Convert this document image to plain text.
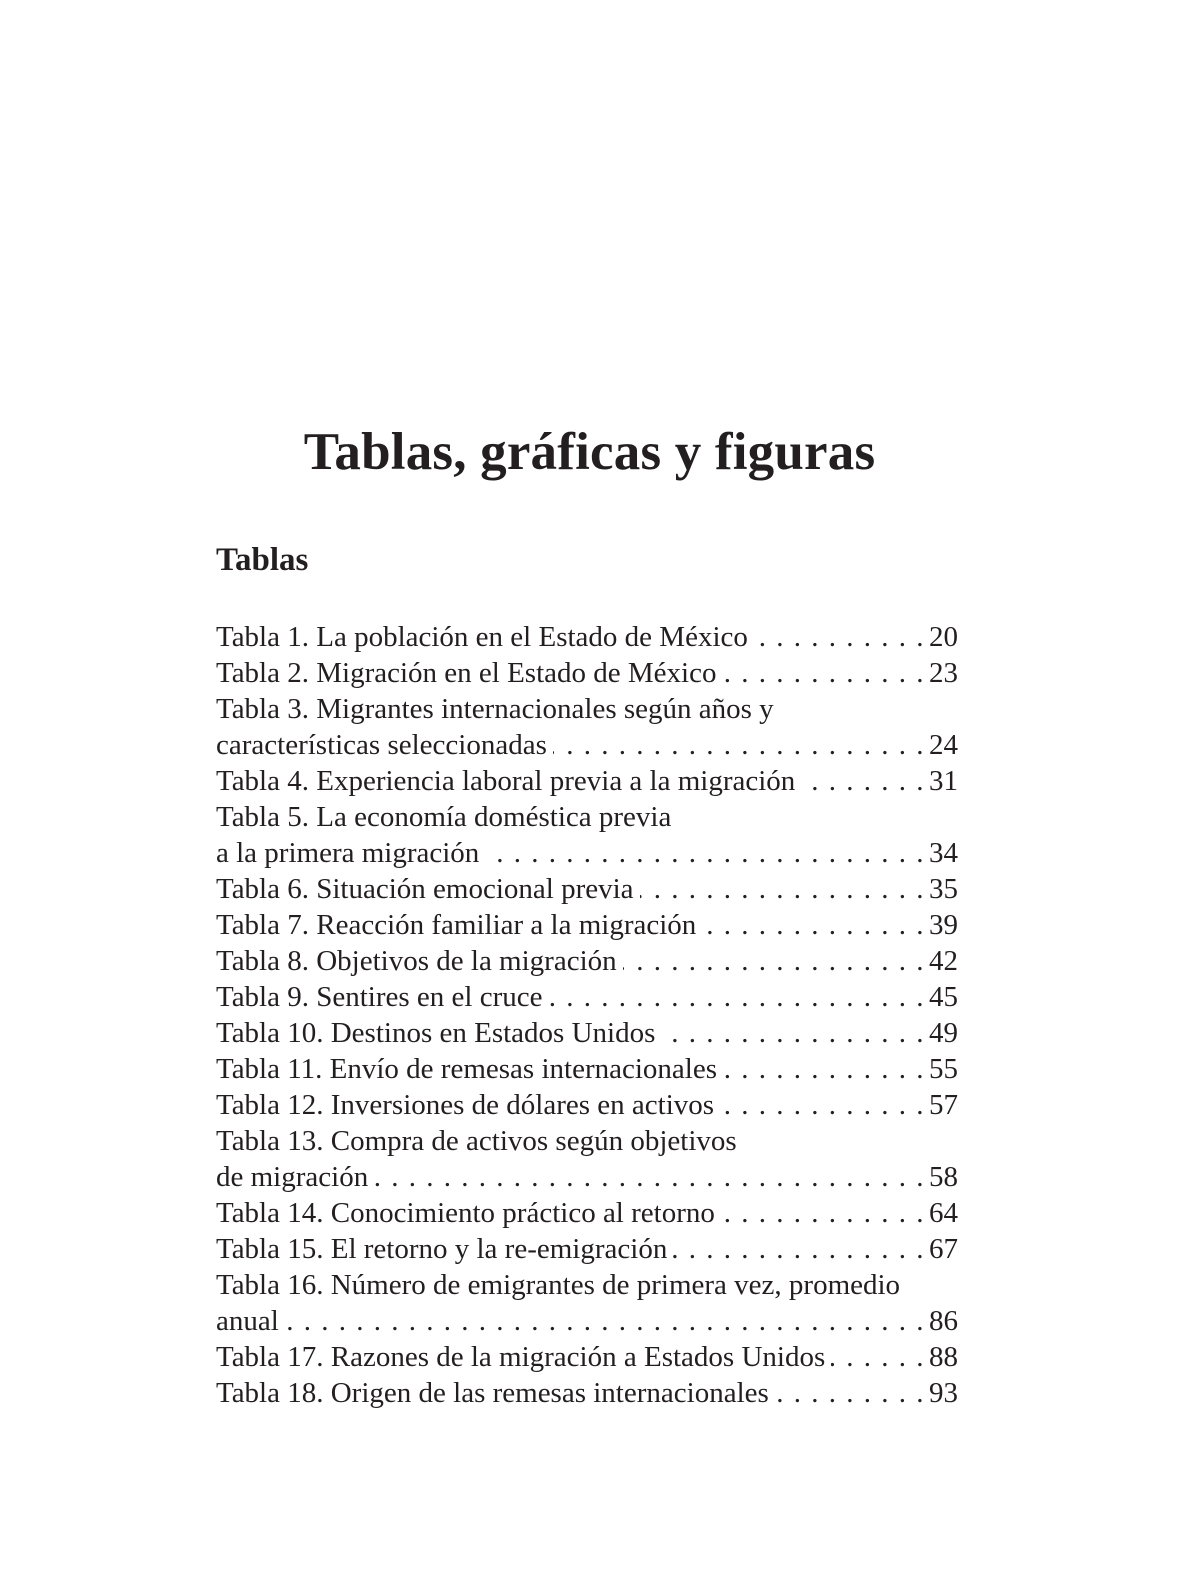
Tablas, gráficas y figuras
Tablas
Tabla 1. La población en el Estado de México . . .	20
Tabla 2. Migración en el Estado de México . . .	23
Tabla 3. Migrantes internacionales según años y
características seleccionadas . . .	24
Tabla 4. Experiencia laboral previa a la migración . . .	31
Tabla 5. La economía doméstica previa
a la primera migración . . .	34
Tabla 6. Situación emocional previa . . .	35
Tabla 7. Reacción familiar a la migración . . .	39
Tabla 8. Objetivos de la migración . . .	42
Tabla 9. Sentires en el cruce . . .	45
Tabla 10. Destinos en Estados Unidos . . .	49
Tabla 11. Envío de remesas internacionales . . .	55
Tabla 12. Inversiones de dólares en activos . . .	57
Tabla 13. Compra de activos según objetivos
de migración . . .	58
Tabla 14. Conocimiento práctico al retorno . . .	64
Tabla 15. El retorno y la re-emigración . . .	67
Tabla 16. Número de emigrantes de primera vez, promedio
anual . . .	86
Tabla 17. Razones de la migración a Estados Unidos . . .	88
Tabla 18. Origen de las remesas internacionales . . .	93
